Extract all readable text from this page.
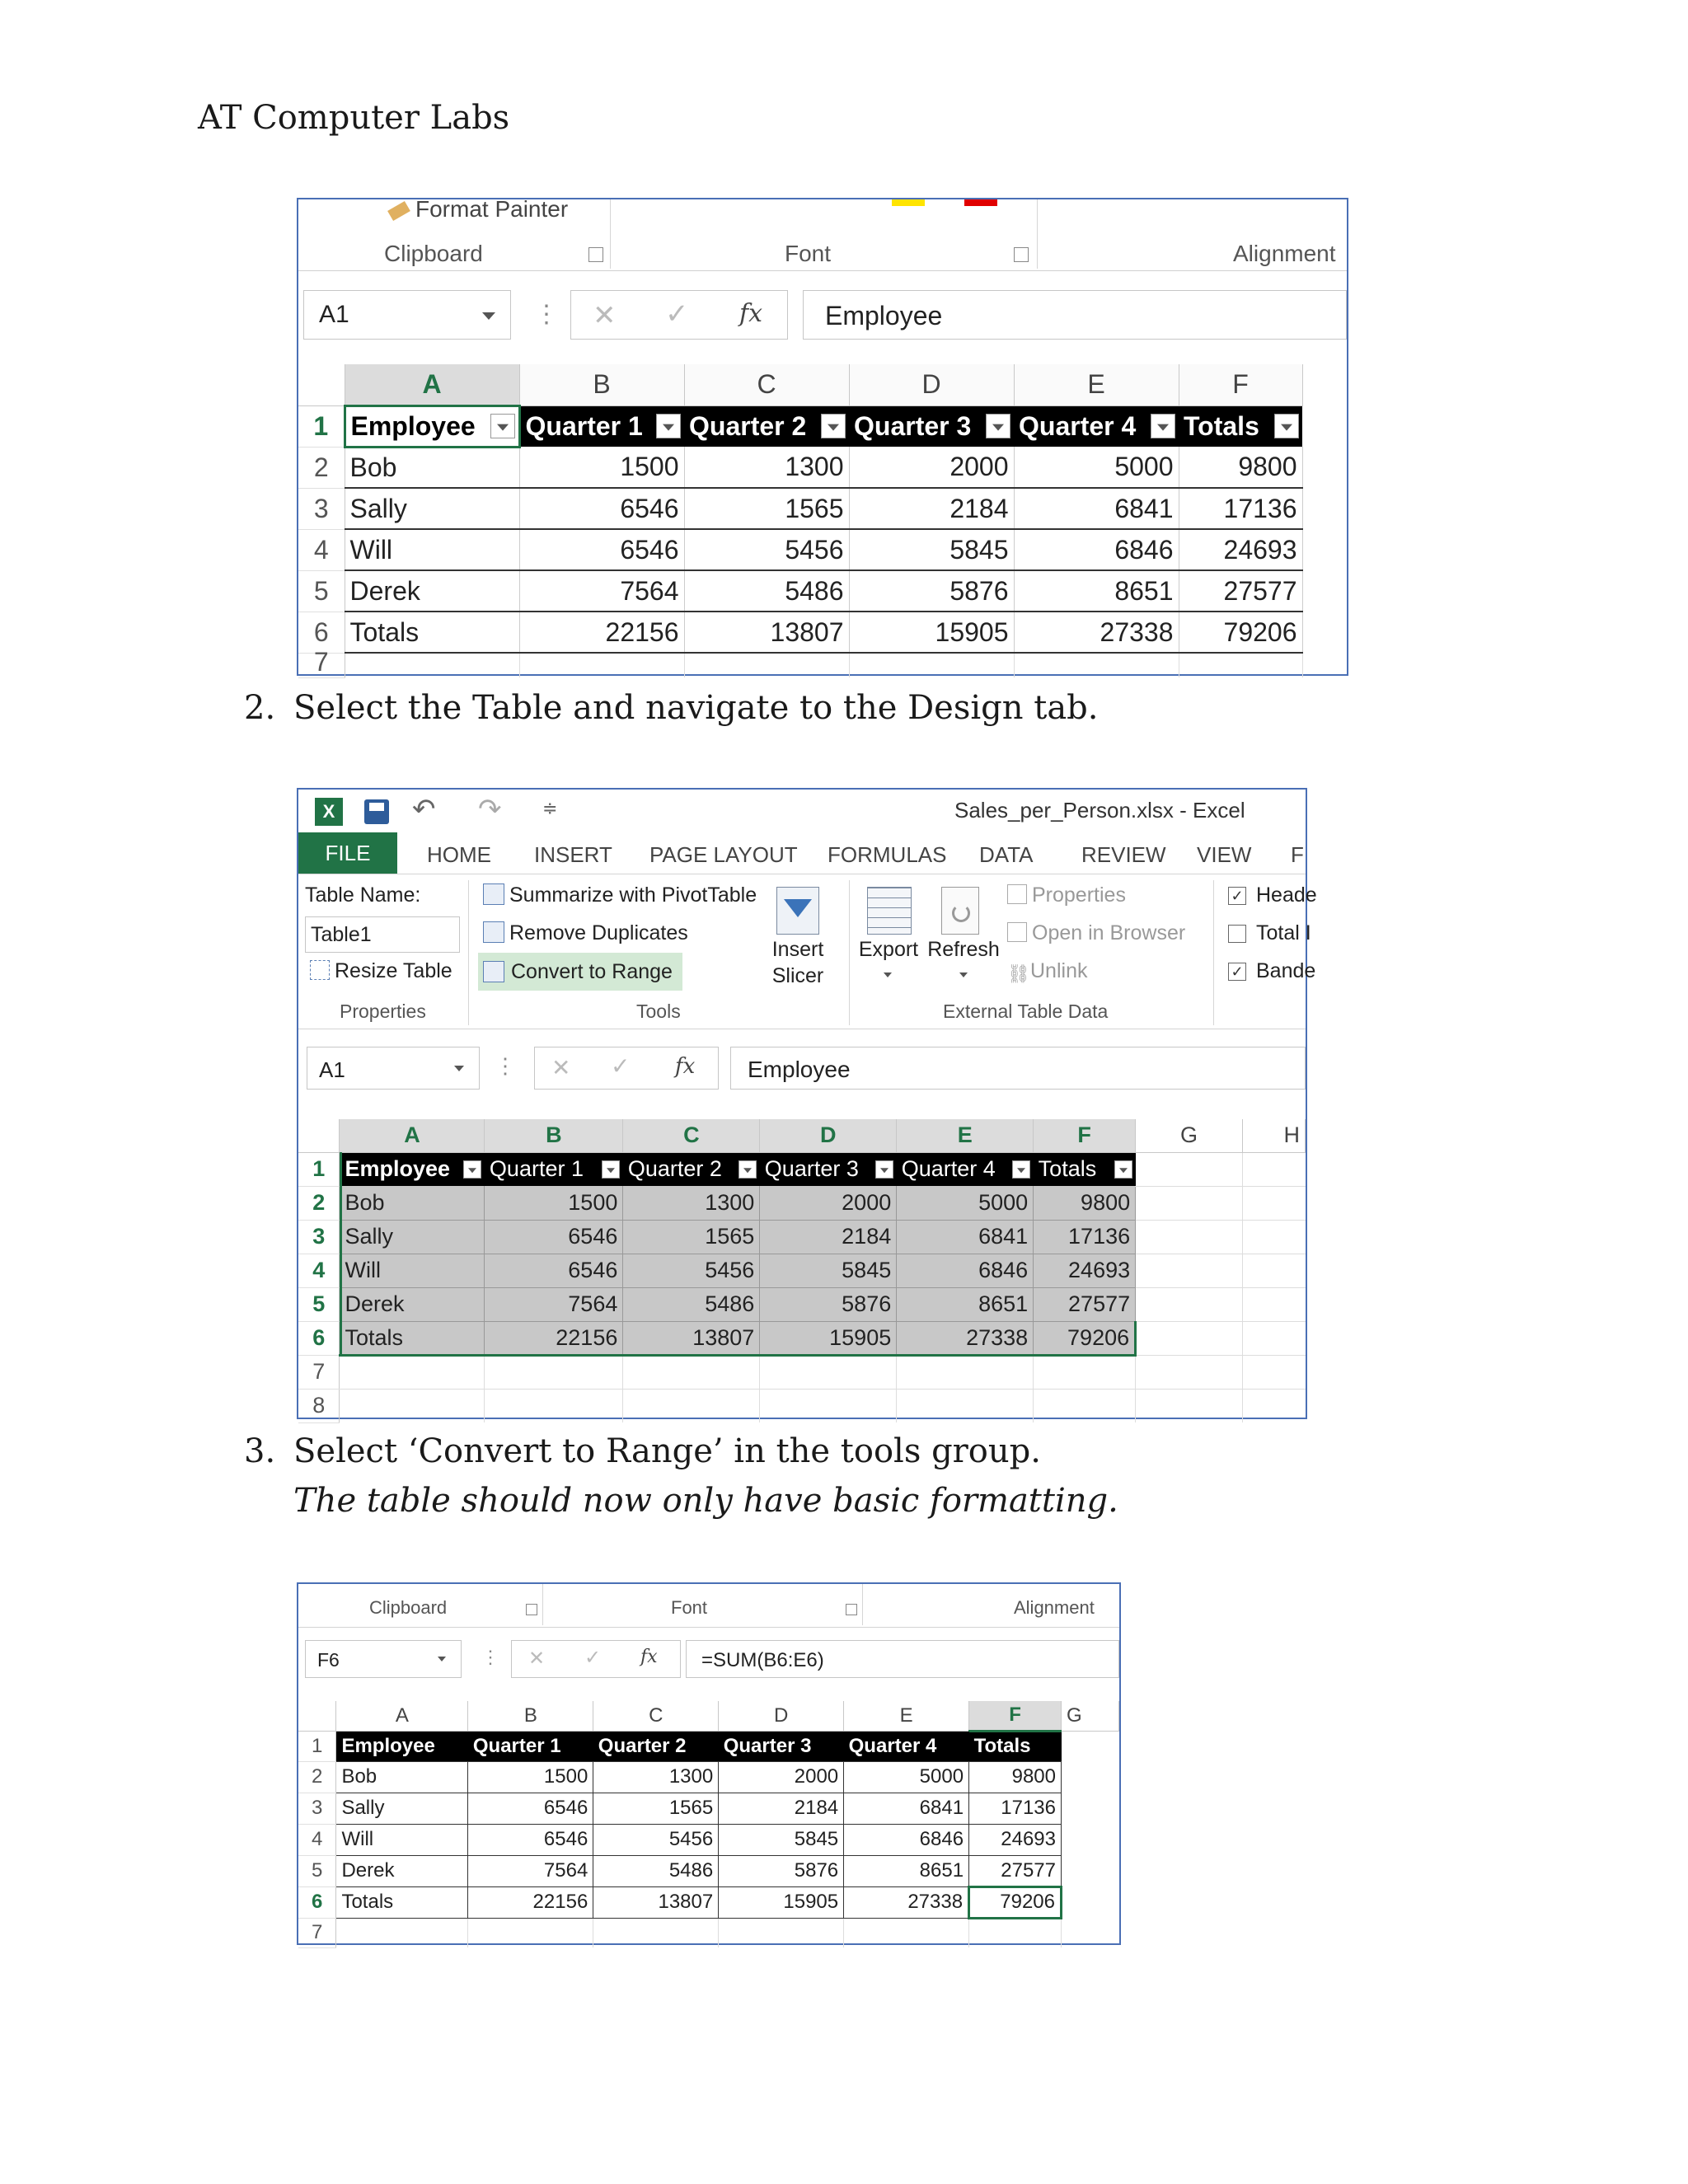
AT Computer Labs
Format Painter
Clipboard	Font	Alignment
A1	⋮ ✕ ✓ fx Employee
	A	B	C	D	E	F
1	Employee	Quarter 1	Quarter 2	Quarter 3	Quarter 4	Totals

2	Bob	1500	1300	2000	5000	9800
3	Sally	6546	1565	2184	6841	17136
4	Will	6546	5456	5845	6846	24693
5	Derek	7564	5486	5876	8651	27577
6	Totals	22156	13807	15905	27338	79206
7						
2. Select the Table and navigate to the Design tab.
X	↶ ↷ ≑	Sales_per_Person.xlsx - Excel
FILE	HOME INSERT PAGE LAYOUT FORMULAS DATA REVIEW VIEW F
Table Name:
Table1
Resize Table
Properties
Summarize with PivotTable
Remove Duplicates
Convert to Range
Tools
Insert
Slicer
Export Refresh
Properties
Open in Browser
⛓Unlink
External Table Data
✓ Heade
Total I
✓ Bande
A1	⋮ ✕ ✓ fx Employee
	A	B	C	D	E	F	G	H
1	Employee	Quarter 1	Quarter 2	Quarter 3	Quarter 4	Totals

2	Bob	1500	1300	2000	5000	9800		
3	Sally	6546	1565	2184	6841	17136		
4	Will	6546	5456	5845	6846	24693		
5	Derek	7564	5486	5876	8651	27577		
6	Totals	22156	13807	15905	27338	79206		
7								
8								
3. Select ‘Convert to Range’ in the tools group.
The table should now only have basic formatting.
Clipboard	Font	Alignment
F6	⋮ ✕ ✓ fx =SUM(B6:E6)
	A	B	C	D	E	F	G
1	Employee	Quarter 1	Quarter 2	Quarter 3	Quarter 4	Totals	
2	Bob	1500	1300	2000	5000	9800	
3	Sally	6546	1565	2184	6841	17136	
4	Will	6546	5456	5845	6846	24693	
5	Derek	7564	5486	5876	8651	27577	
6	Totals	22156	13807	15905	27338	79206	
7							
